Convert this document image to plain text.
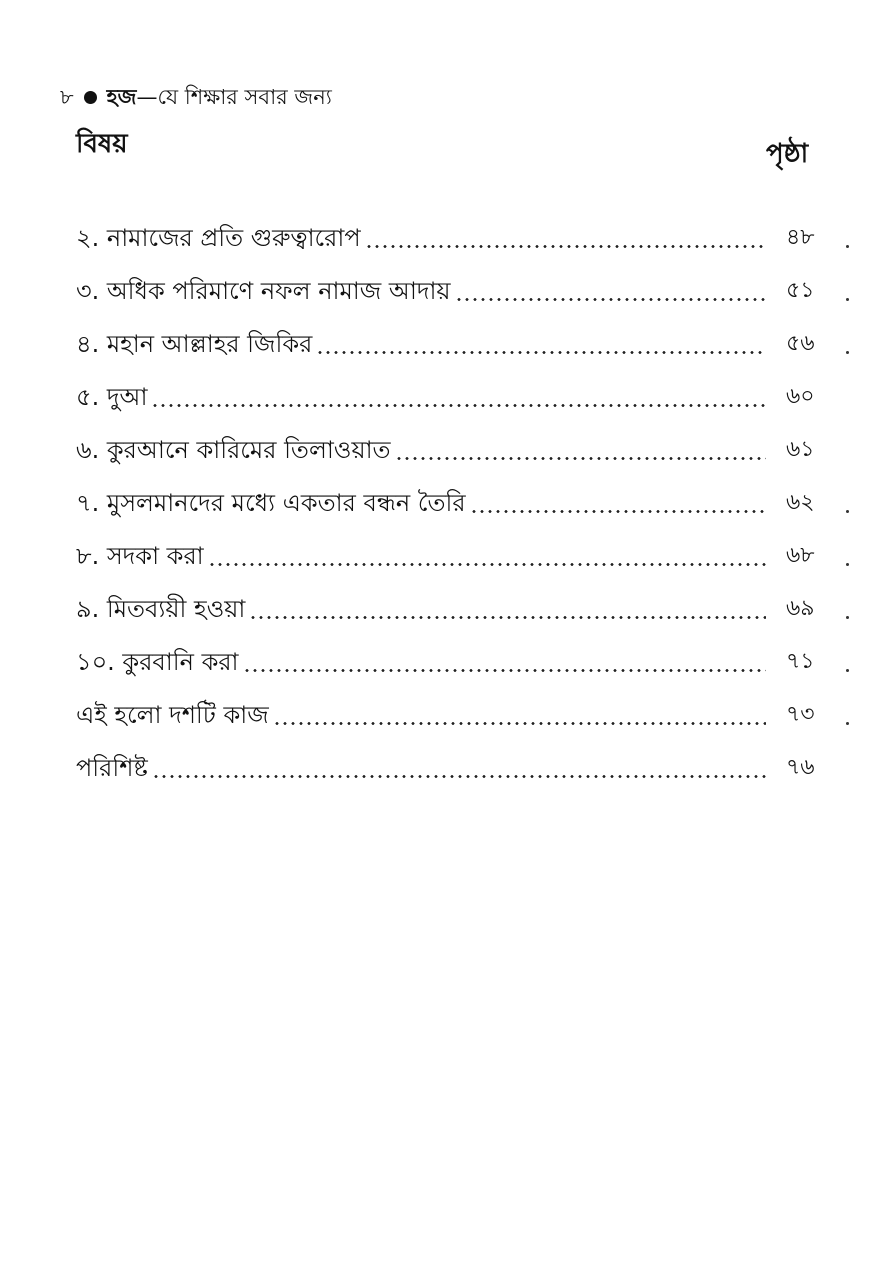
৮ হজ —যে শিক্ষার সবার জন্য
বিষয়	পৃষ্ঠা
২. নামাজের প্রতি গুরুত্বারোপ	৪৮
৩. অধিক পরিমাণে নফল নামাজ আদায়	৫১
৪. মহান আল্লাহর জিকির	৫৬
৫. দুআ	৬০
৬. কুরআনে কারিমের তিলাওয়াত	৬১
৭. মুসলমানদের মধ্যে একতার বন্ধন তৈরি	৬২
৮. সদকা করা	৬৮
৯. মিতব্যয়ী হওয়া	৬৯
১০. কুরবানি করা	৭১
এই হলো দশটি কাজ	৭৩
পরিশিষ্ট	৭৬
